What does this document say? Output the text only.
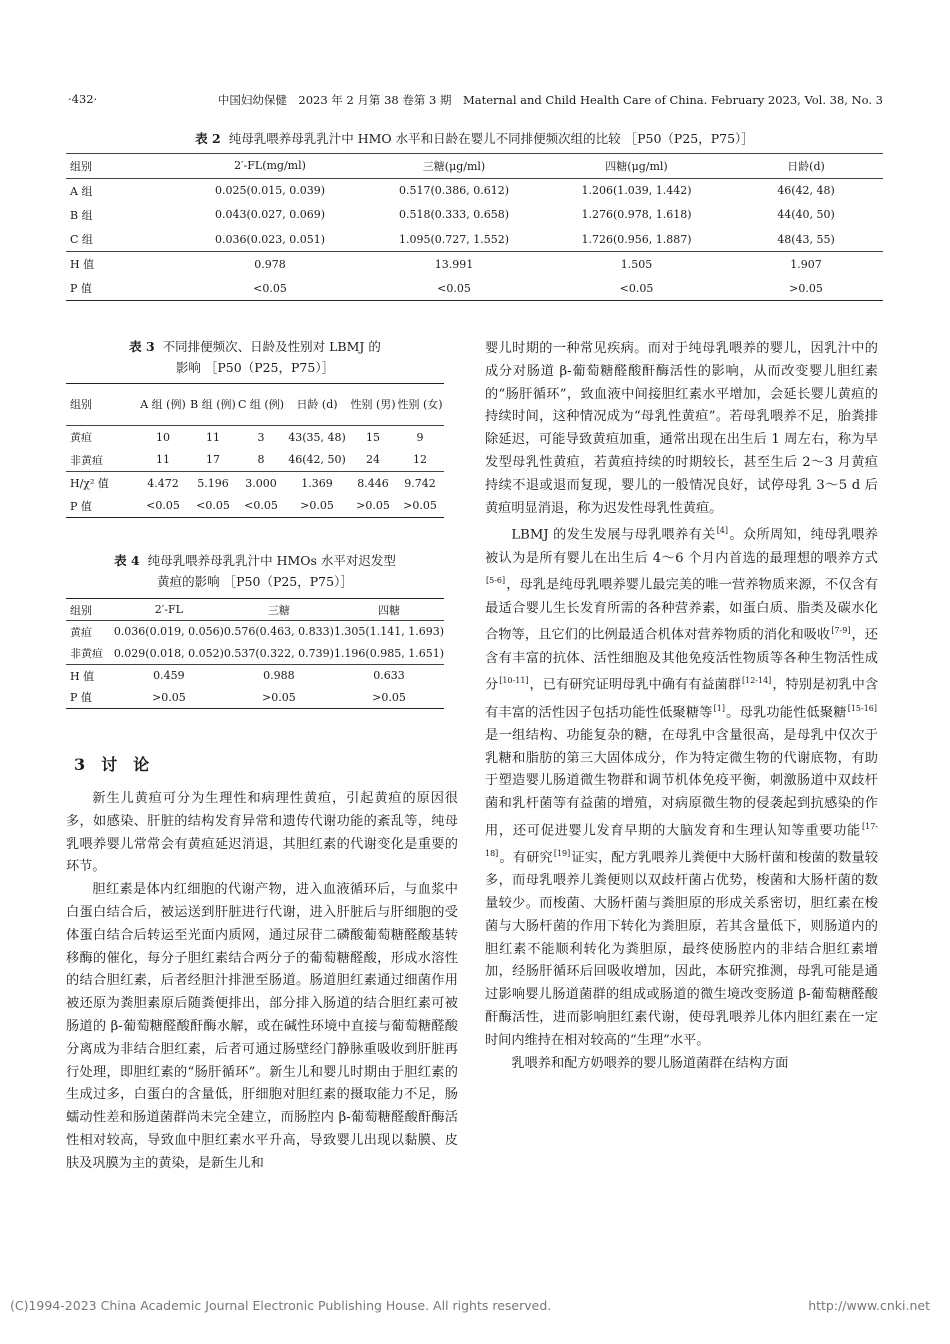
·432·	中国妇幼保健　2023 年 2 月第 38 卷第 3 期　Maternal and Child Health Care of China. February 2023, Vol. 38, No. 3
表 2 纯母乳喂养母乳乳汁中 HMO 水平和日龄在婴儿不同排便频次组的比较 ［P50（P25，P75）］
组别	2′-FL(mg/ml)	三糖(μg/ml)	四糖(μg/ml)	日龄(d)
A 组	0.025(0.015, 0.039)	0.517(0.386, 0.612)	1.206(1.039, 1.442)	46(42, 48)
B 组	0.043(0.027, 0.069)	0.518(0.333, 0.658)	1.276(0.978, 1.618)	44(40, 50)
C 组	0.036(0.023, 0.051)	1.095(0.727, 1.552)	1.726(0.956, 1.887)	48(43, 55)
H 值	0.978	13.991	1.505	1.907
P 值	<0.05	<0.05	<0.05	>0.05
表 3 不同排便频次、日龄及性别对 LBMJ 的
影响 ［P50（P25，P75）］
组别	A 组 (例)	B 组 (例)	C 组 (例)	日龄 (d)	性别 (男)	性别 (女)
黄疸	10	11	3	43(35, 48)	15	9
非黄疸	11	17	8	46(42, 50)	24	12
H/χ² 值	4.472	5.196	3.000	1.369	8.446	9.742
P 值	<0.05	<0.05	<0.05	>0.05	>0.05	>0.05
表 4 纯母乳喂养母乳乳汁中 HMOs 水平对迟发型
黄疸的影响 ［P50（P25，P75）］
组别	2′-FL	三糖	四糖
黄疸	0.036(0.019, 0.056)	0.576(0.463, 0.833)	1.305(1.141, 1.693)
非黄疸	0.029(0.018, 0.052)	0.537(0.322, 0.739)	1.196(0.985, 1.651)
H 值	0.459	0.988	0.633
P 值	>0.05	>0.05	>0.05
3　讨　论

新生儿黄疸可分为生理性和病理性黄疸，引起黄疸的原因很多，如感染、肝脏的结构发育异常和遗传代谢功能的紊乱等，纯母乳喂养婴儿常常会有黄疸延迟消退，其胆红素的代谢变化是重要的环节。

胆红素是体内红细胞的代谢产物，进入血液循环后，与血浆中白蛋白结合后，被运送到肝脏进行代谢，进入肝脏后与肝细胞的受体蛋白结合后转运至光面内质网，通过尿苷二磷酸葡萄糖醛酸基转移酶的催化，每分子胆红素结合两分子的葡萄糖醛酸，形成水溶性的结合胆红素，后者经胆汁排泄至肠道。肠道胆红素通过细菌作用被还原为粪胆素原后随粪便排出，部分排入肠道的结合胆红素可被肠道的 β-葡萄糖醛酸酐酶水解，或在碱性环境中直接与葡萄糖醛酸分离成为非结合胆红素，后者可通过肠壁经门静脉重吸收到肝脏再行处理，即胆红素的“肠肝循环”。新生儿和婴儿时期由于胆红素的生成过多，白蛋白的含量低，肝细胞对胆红素的摄取能力不足，肠蠕动性差和肠道菌群尚未完全建立，而肠腔内 β-葡萄糖醛酸酐酶活性相对较高，导致血中胆红素水平升高，导致婴儿出现以黏膜、皮肤及巩膜为主的黄染，是新生儿和

婴儿时期的一种常见疾病。而对于纯母乳喂养的婴儿，因乳汁中的成分对肠道 β-葡萄糖醛酸酐酶活性的影响，从而改变婴儿胆红素的“肠肝循环”，致血液中间接胆红素水平增加，会延长婴儿黄疸的持续时间，这种情况成为“母乳性黄疸”。若母乳喂养不足，胎粪排除延迟，可能导致黄疸加重，通常出现在出生后 1 周左右，称为早发型母乳性黄疸，若黄疸持续的时期较长，甚至生后 2～3 月黄疸持续不退或退而复现，婴儿的一般情况良好，试停母乳 3～5 d 后黄疸明显消退，称为迟发性母乳性黄疸。

LBMJ 的发生发展与母乳喂养有关[4]。众所周知，纯母乳喂养被认为是所有婴儿在出生后 4～6 个月内首选的最理想的喂养方式[5-6]，母乳是纯母乳喂养婴儿最完美的唯一营养物质来源，不仅含有最适合婴儿生长发育所需的各种营养素，如蛋白质、脂类及碳水化合物等，且它们的比例最适合机体对营养物质的消化和吸收[7-9]，还含有丰富的抗体、活性细胞及其他免疫活性物质等各种生物活性成分[10-11]，已有研究证明母乳中确有有益菌群[12-14]，特别是初乳中含有丰富的活性因子包括功能性低聚糖等[1]。母乳功能性低聚糖[15-16]是一组结构、功能复杂的糖，在母乳中含量很高，是母乳中仅次于乳糖和脂肪的第三大固体成分，作为特定微生物的代谢底物，有助于塑造婴儿肠道微生物群和调节机体免疫平衡，刺激肠道中双歧杆菌和乳杆菌等有益菌的增殖，对病原微生物的侵袭起到抗感染的作用，还可促进婴儿发育早期的大脑发育和生理认知等重要功能[17-18]。有研究[19]证实，配方乳喂养儿粪便中大肠杆菌和梭菌的数量较多，而母乳喂养儿粪便则以双歧杆菌占优势，梭菌和大肠杆菌的数量较少。而梭菌、大肠杆菌与粪胆原的形成关系密切，胆红素在梭菌与大肠杆菌的作用下转化为粪胆原，若其含量低下，则肠道内的胆红素不能顺利转化为粪胆原，最终使肠腔内的非结合胆红素增加，经肠肝循环后回吸收增加，因此，本研究推测，母乳可能是通过影响婴儿肠道菌群的组成或肠道的微生境改变肠道 β-葡萄糖醛酸酐酶活性，进而影响胆红素代谢，使母乳喂养儿体内胆红素在一定时间内维持在相对较高的“生理”水平。

乳喂养和配方奶喂养的婴儿肠道菌群在结构方面

(C)1994-2023 China Academic Journal Electronic Publishing House. All rights reserved.	http://www.cnki.net
